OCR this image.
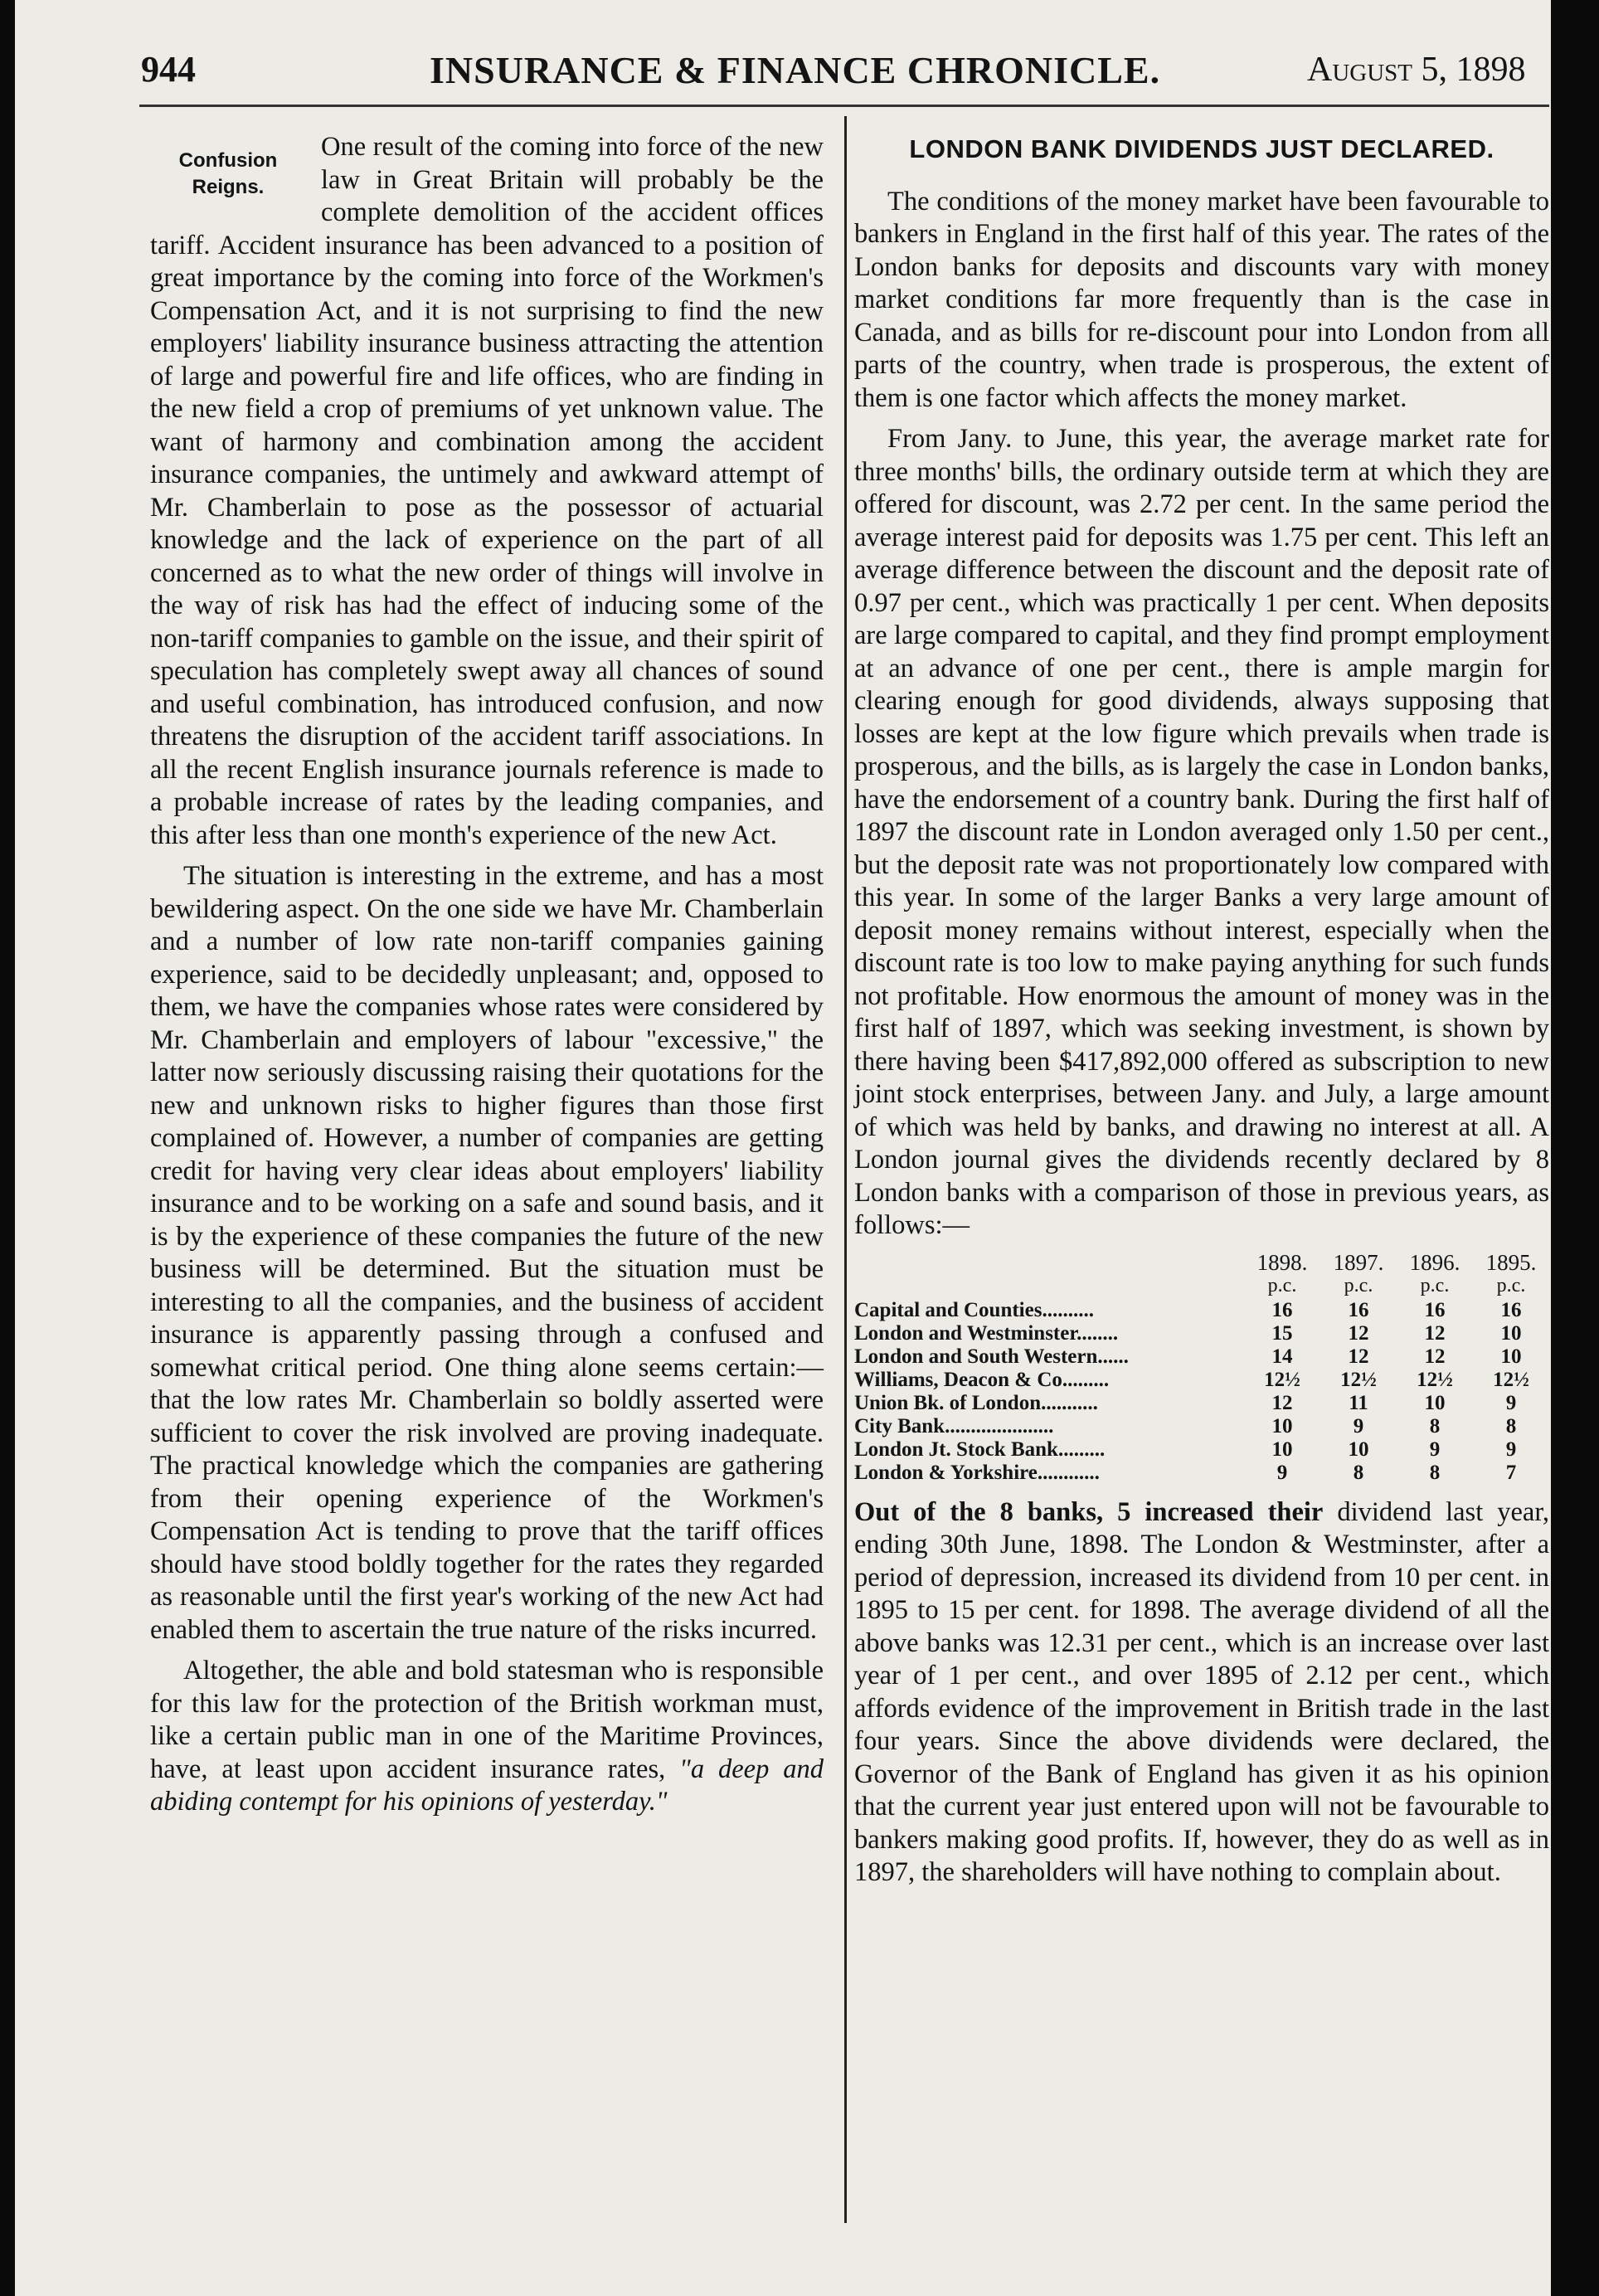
944	INSURANCE & FINANCE CHRONICLE.	August 5, 1898
Confusion
Reigns.

One result of the coming into force of the new law in Great Britain will probably be the complete demolition of the accident offices tariff. Accident insurance has been advanced to a position of great importance by the coming into force of the Workmen's Compensation Act, and it is not surprising to find the new employers' liability insurance business attracting the attention of large and powerful fire and life offices, who are finding in the new field a crop of premiums of yet unknown value. The want of harmony and combination among the accident insurance companies, the untimely and awkward attempt of Mr. Chamberlain to pose as the possessor of actuarial knowledge and the lack of experience on the part of all concerned as to what the new order of things will involve in the way of risk has had the effect of inducing some of the non-tariff companies to gamble on the issue, and their spirit of speculation has completely swept away all chances of sound and useful combination, has introduced confusion, and now threatens the disruption of the accident tariff associations. In all the recent English insurance journals reference is made to a probable increase of rates by the leading companies, and this after less than one month's experience of the new Act.

The situation is interesting in the extreme, and has a most bewildering aspect. On the one side we have Mr. Chamberlain and a number of low rate non-tariff companies gaining experience, said to be decidedly unpleasant; and, opposed to them, we have the companies whose rates were considered by Mr. Chamberlain and employers of labour "excessive," the latter now seriously discussing raising their quotations for the new and unknown risks to higher figures than those first complained of. However, a number of companies are getting credit for having very clear ideas about employers' liability insurance and to be working on a safe and sound basis, and it is by the experience of these companies the future of the new business will be determined. But the situation must be interesting to all the companies, and the business of accident insurance is apparently passing through a confused and somewhat critical period. One thing alone seems certain:—that the low rates Mr. Chamberlain so boldly asserted were sufficient to cover the risk involved are proving inadequate. The practical knowledge which the companies are gathering from their opening experience of the Workmen's Compensation Act is tending to prove that the tariff offices should have stood boldly together for the rates they regarded as reasonable until the first year's working of the new Act had enabled them to ascertain the true nature of the risks incurred.

Altogether, the able and bold statesman who is responsible for this law for the protection of the British workman must, like a certain public man in one of the Maritime Provinces, have, at least upon accident insurance rates, "a deep and abiding contempt for his opinions of yesterday."

LONDON BANK DIVIDENDS JUST DECLARED.

The conditions of the money market have been favourable to bankers in England in the first half of this year. The rates of the London banks for deposits and discounts vary with money market conditions far more frequently than is the case in Canada, and as bills for re-discount pour into London from all parts of the country, when trade is prosperous, the extent of them is one factor which affects the money market.

From Jany. to June, this year, the average market rate for three months' bills, the ordinary outside term at which they are offered for discount, was 2.72 per cent. In the same period the average interest paid for deposits was 1.75 per cent. This left an average difference between the discount and the deposit rate of 0.97 per cent., which was practically 1 per cent. When deposits are large compared to capital, and they find prompt employment at an advance of one per cent., there is ample margin for clearing enough for good dividends, always supposing that losses are kept at the low figure which prevails when trade is prosperous, and the bills, as is largely the case in London banks, have the endorsement of a country bank. During the first half of 1897 the discount rate in London averaged only 1.50 per cent., but the deposit rate was not proportionately low compared with this year. In some of the larger Banks a very large amount of deposit money remains without interest, especially when the discount rate is too low to make paying anything for such funds not profitable. How enormous the amount of money was in the first half of 1897, which was seeking investment, is shown by there having been $417,892,000 offered as subscription to new joint stock enterprises, between Jany. and July, a large amount of which was held by banks, and drawing no interest at all. A London journal gives the dividends recently declared by 8 London banks with a comparison of those in previous years, as follows:—

	1898.	1897.	1896.	1895.
	p.c.	p.c.	p.c.	p.c.
Capital and Counties..........	16	16	16	16
London and Westminster........	15	12	12	10
London and South Western......	14	12	12	10
Williams, Deacon & Co.........	12½	12½	12½	12½
Union Bk. of London...........	12	11	10	9
City Bank.....................	10	9	8	8
London Jt. Stock Bank.........	10	10	9	9
London & Yorkshire............	9	8	8	7

Out of the 8 banks, 5 increased their dividend last year, ending 30th June, 1898. The London & Westminster, after a period of depression, increased its dividend from 10 per cent. in 1895 to 15 per cent. for 1898. The average dividend of all the above banks was 12.31 per cent., which is an increase over last year of 1 per cent., and over 1895 of 2.12 per cent., which affords evidence of the improvement in British trade in the last four years. Since the above dividends were declared, the Governor of the Bank of England has given it as his opinion that the current year just entered upon will not be favourable to bankers making good profits. If, however, they do as well as in 1897, the shareholders will have nothing to complain about.
